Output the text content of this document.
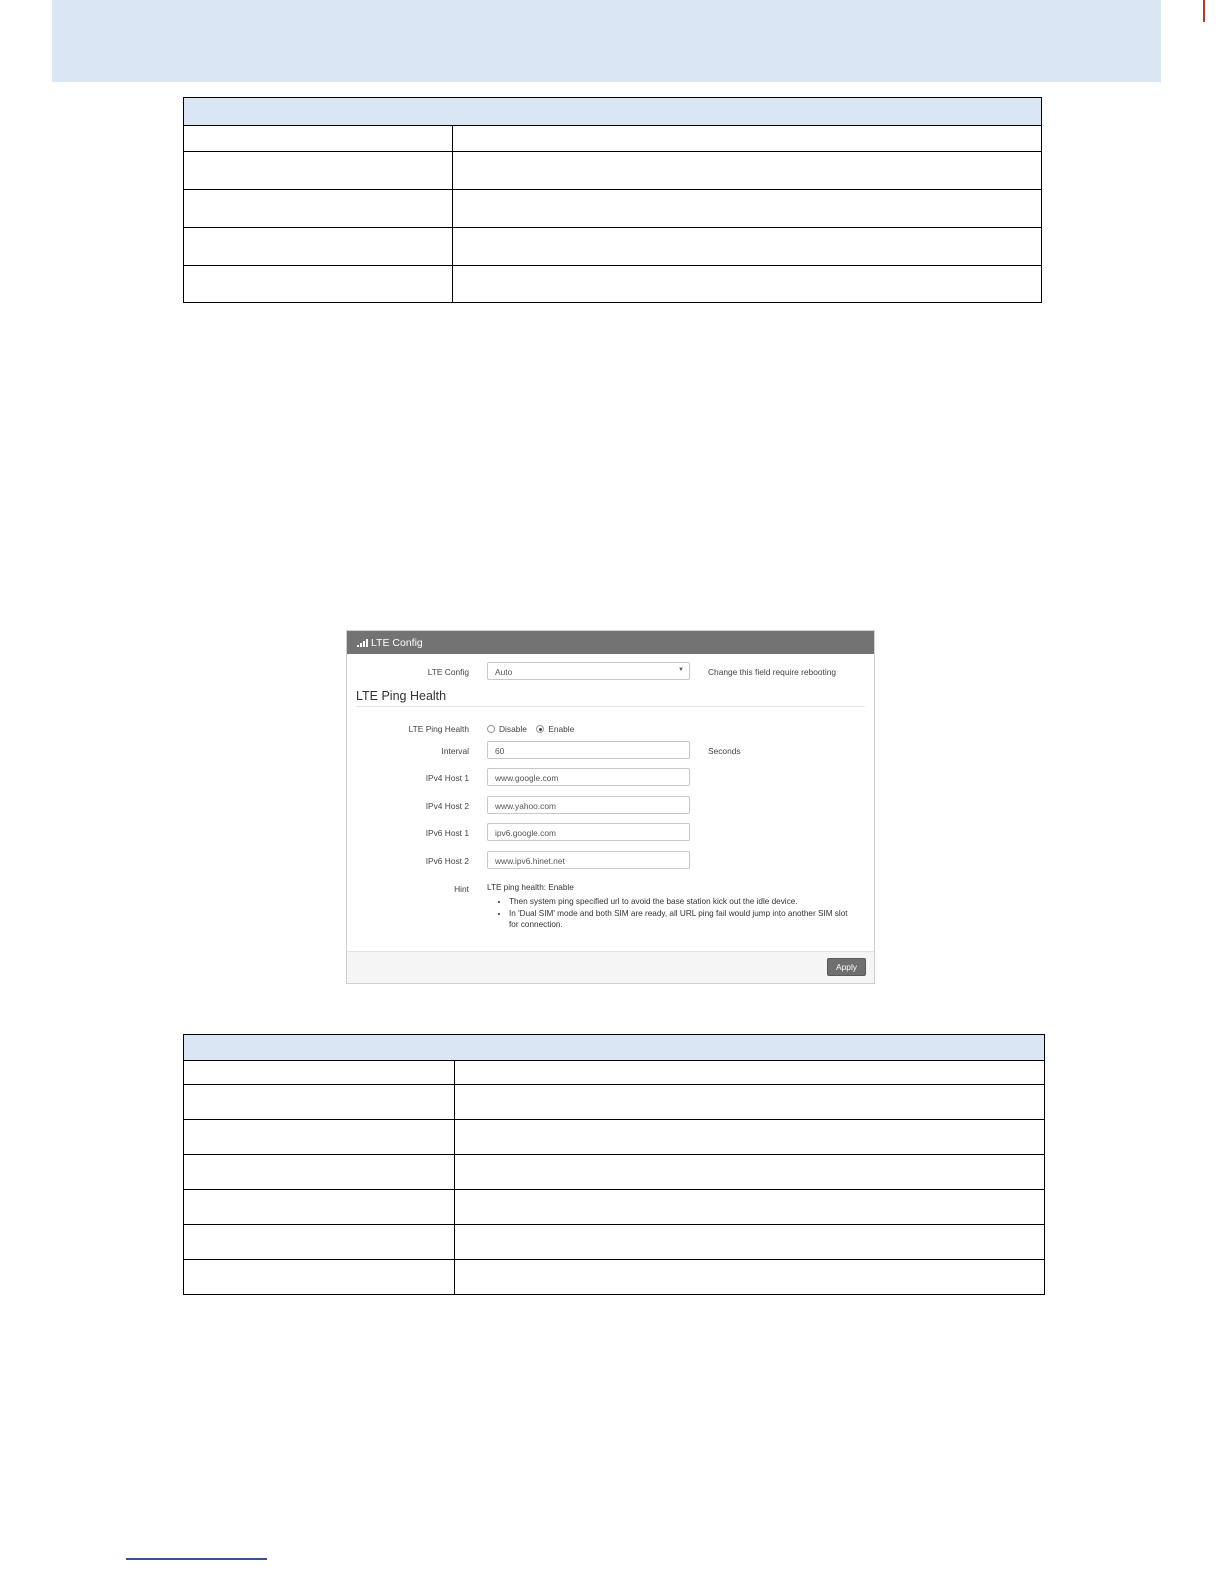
LTE Config
LTE Config	Auto	▼	Change this field require rebooting
LTE Ping Health
LTE Ping Health	Disable	Enable
Interval	60	Seconds
IPv4 Host 1	www.google.com
IPv4 Host 2	www.yahoo.com
IPv6 Host 1	ipv6.google.com
IPv6 Host 2	www.ipv6.hinet.net
Hint LTE ping health: Enable
• Then system ping specified url to avoid the base station kick out the idle device.
• In 'Dual SIM' mode and both SIM are ready, all URL ping fail would jump into another SIM slot for connection.
Apply
